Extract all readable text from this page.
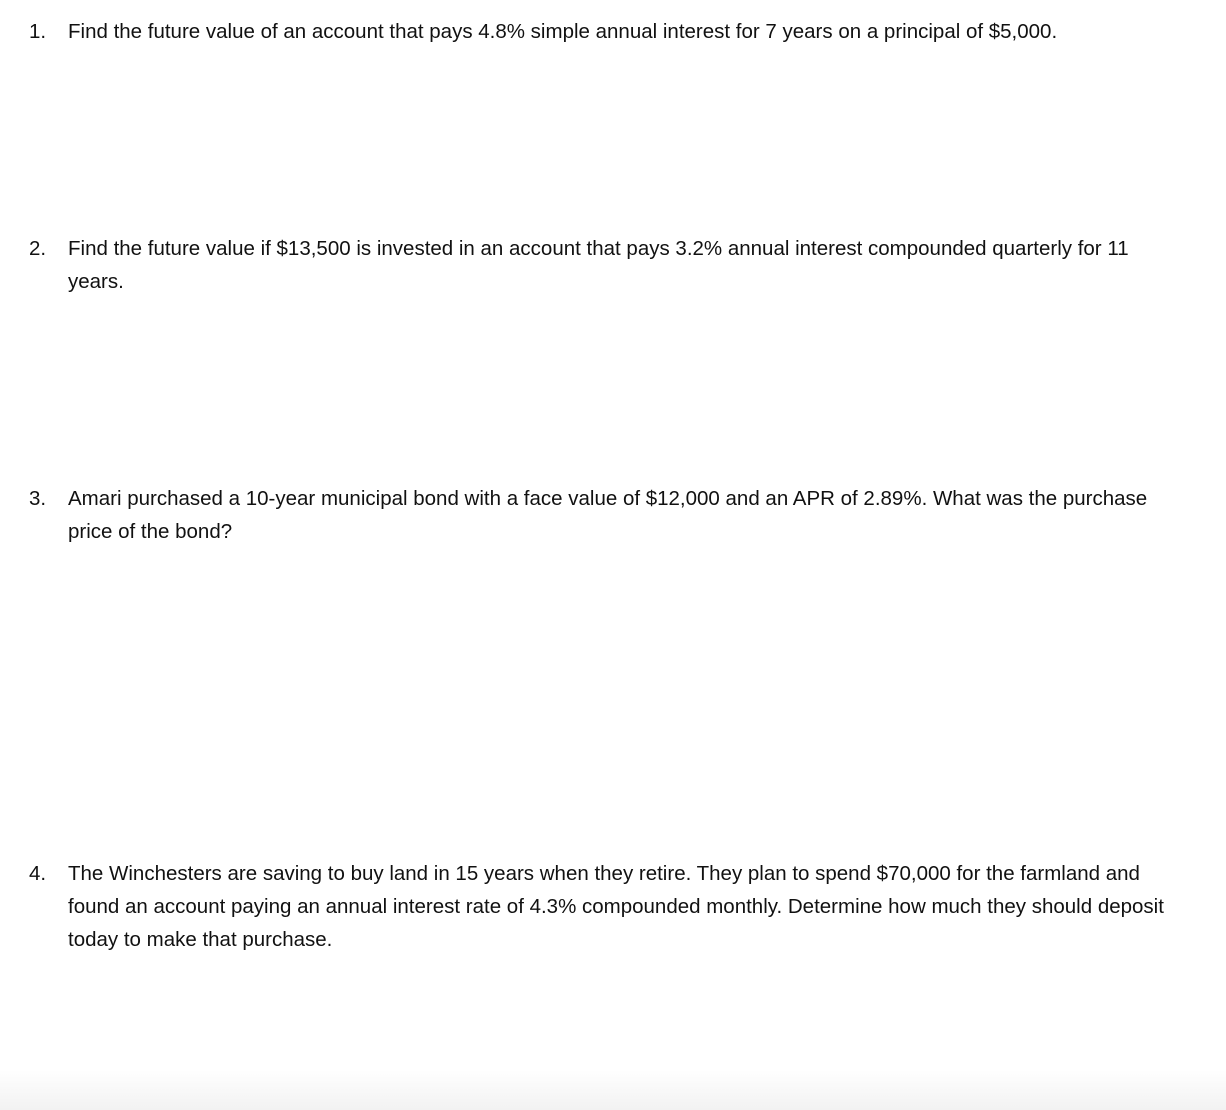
1. Find the future value of an account that pays 4.8% simple annual interest for 7 years on a principal of $5,000.
2. Find the future value if $13,500 is invested in an account that pays 3.2% annual interest compounded quarterly for 11 years.
3. Amari purchased a 10-year municipal bond with a face value of $12,000 and an APR of 2.89%. What was the purchase price of the bond?
4. The Winchesters are saving to buy land in 15 years when they retire. They plan to spend $70,000 for the farmland and found an account paying an annual interest rate of 4.3% compounded monthly. Determine how much they should deposit today to make that purchase.
